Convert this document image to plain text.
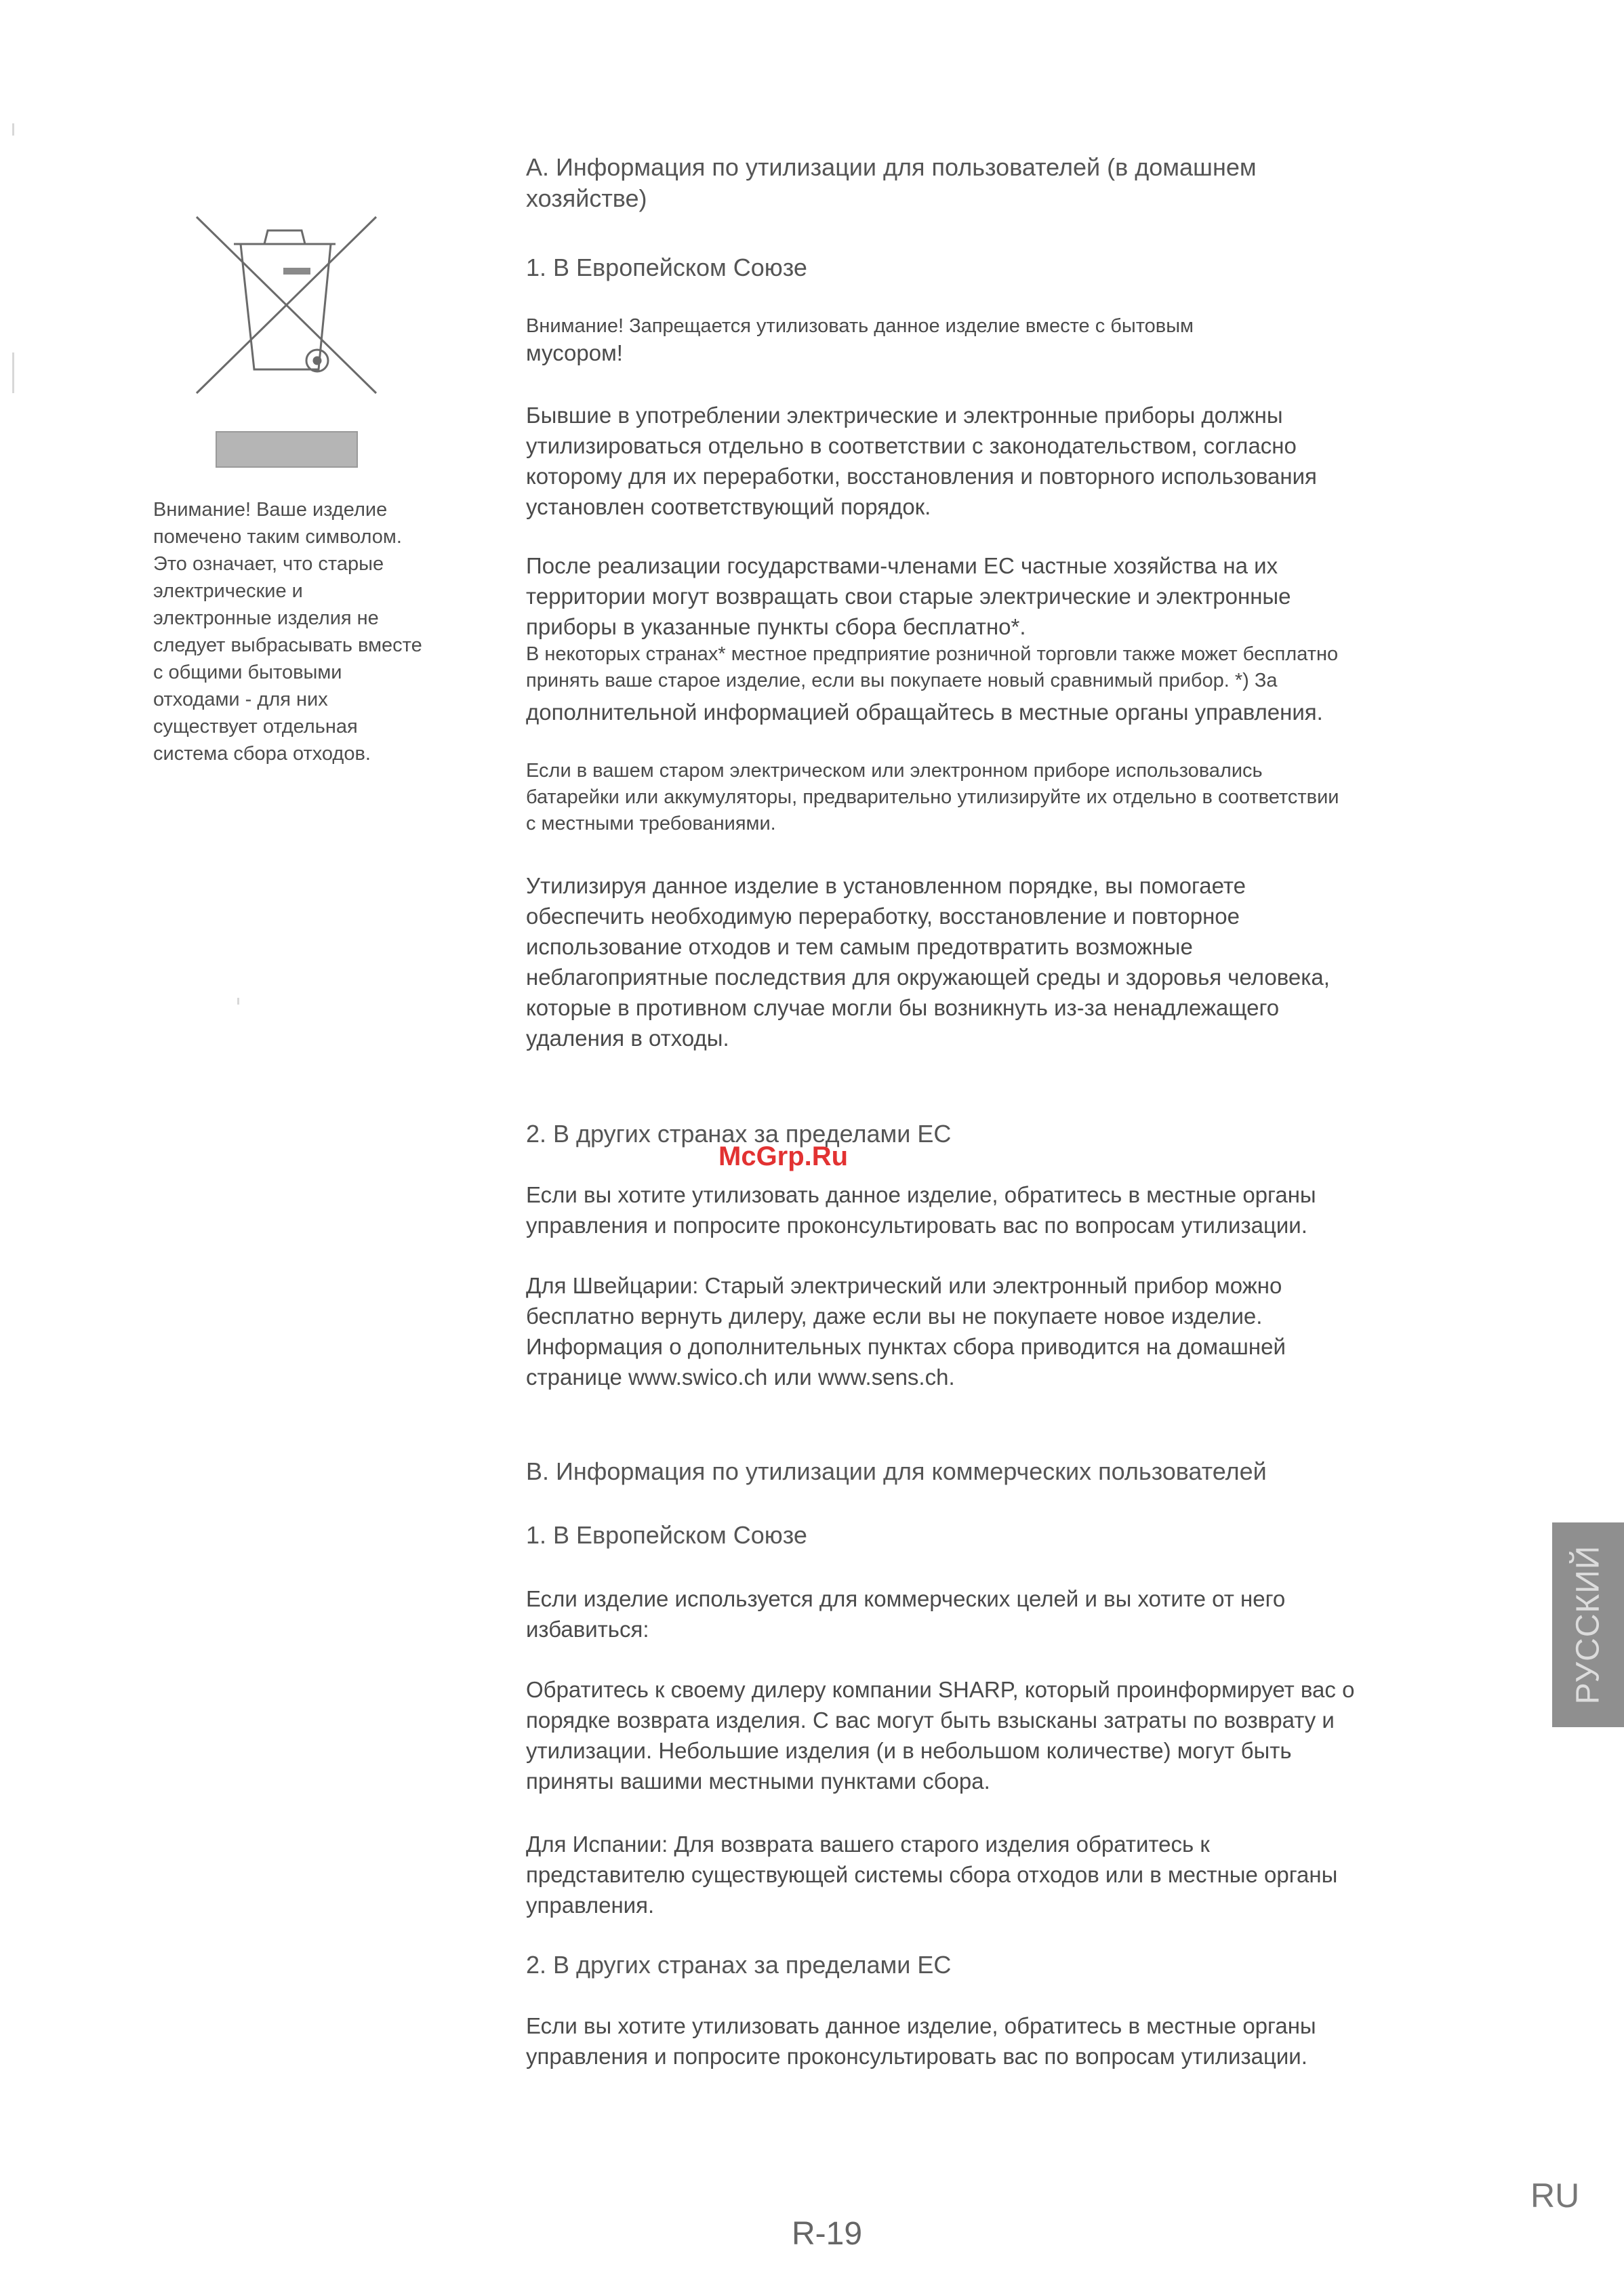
Внимание! Ваше изделие
помечено таким символом.
Это означает, что старые
электрические и
электронные изделия не
следует выбрасывать вместе
с общими бытовыми
отходами - для них
существует отдельная
система сбора отходов.
А. Информация по утилизации для пользователей (в домашнем
хозяйстве)
1. В Европейском Союзе
Внимание! Запрещается утилизовать данное изделие вместе с бытовым
мусором!
Бывшие в употреблении электрические и электронные приборы должны
утилизироваться отдельно в соответствии с законодательством, согласно
которому для их переработки, восстановления и повторного использования
установлен соответствующий порядок.
После реализации государствами-членами ЕС частные хозяйства на их
территории могут возвращать свои старые электрические и электронные
приборы в указанные пункты сбора бесплатно*.
В некоторых странах* местное предприятие розничной торговли также может бесплатно
принять ваше старое изделие, если вы покупаете новый сравнимый прибор. *) За
дополнительной информацией обращайтесь в местные органы управления.
Если в вашем старом электрическом или электронном приборе использовались
батарейки или аккумуляторы, предварительно утилизируйте их отдельно в соответствии
с местными требованиями.
Утилизируя данное изделие в установленном порядке, вы помогаете
обеспечить необходимую переработку, восстановление и повторное
использование отходов и тем самым предотвратить возможные
неблагоприятные последствия для окружающей среды и здоровья человека,
которые в противном случае могли бы возникнуть из-за ненадлежащего
удаления в отходы.
2. В других странах за пределами ЕС
McGrp.Ru
Если вы хотите утилизовать данное изделие, обратитесь в местные органы
управления и попросите проконсультировать вас по вопросам утилизации.
Для Швейцарии: Старый электрический или электронный прибор можно
бесплатно вернуть дилеру, даже если вы не покупаете новое изделие.
Информация о дополнительных пунктах сбора приводится на домашней
странице www.swico.ch или www.sens.ch.
B. Информация по утилизации для коммерческих пользователей
1. В Европейском Союзе
Если изделие используется для коммерческих целей и вы хотите от него
избавиться:
Обратитесь к своему дилеру компании SHARP, который проинформирует вас о
порядке возврата изделия. С вас могут быть взысканы затраты по возврату и
утилизации. Небольшие изделия (и в небольшом количестве) могут быть
приняты вашими местными пунктами сбора.
Для Испании: Для возврата вашего старого изделия обратитесь к
представителю существующей системы сбора отходов или в местные органы
управления.
2. В других странах за пределами ЕС
Если вы хотите утилизовать данное изделие, обратитесь в местные органы
управления и попросите проконсультировать вас по вопросам утилизации.
РУССКИЙ
RU
R-19
